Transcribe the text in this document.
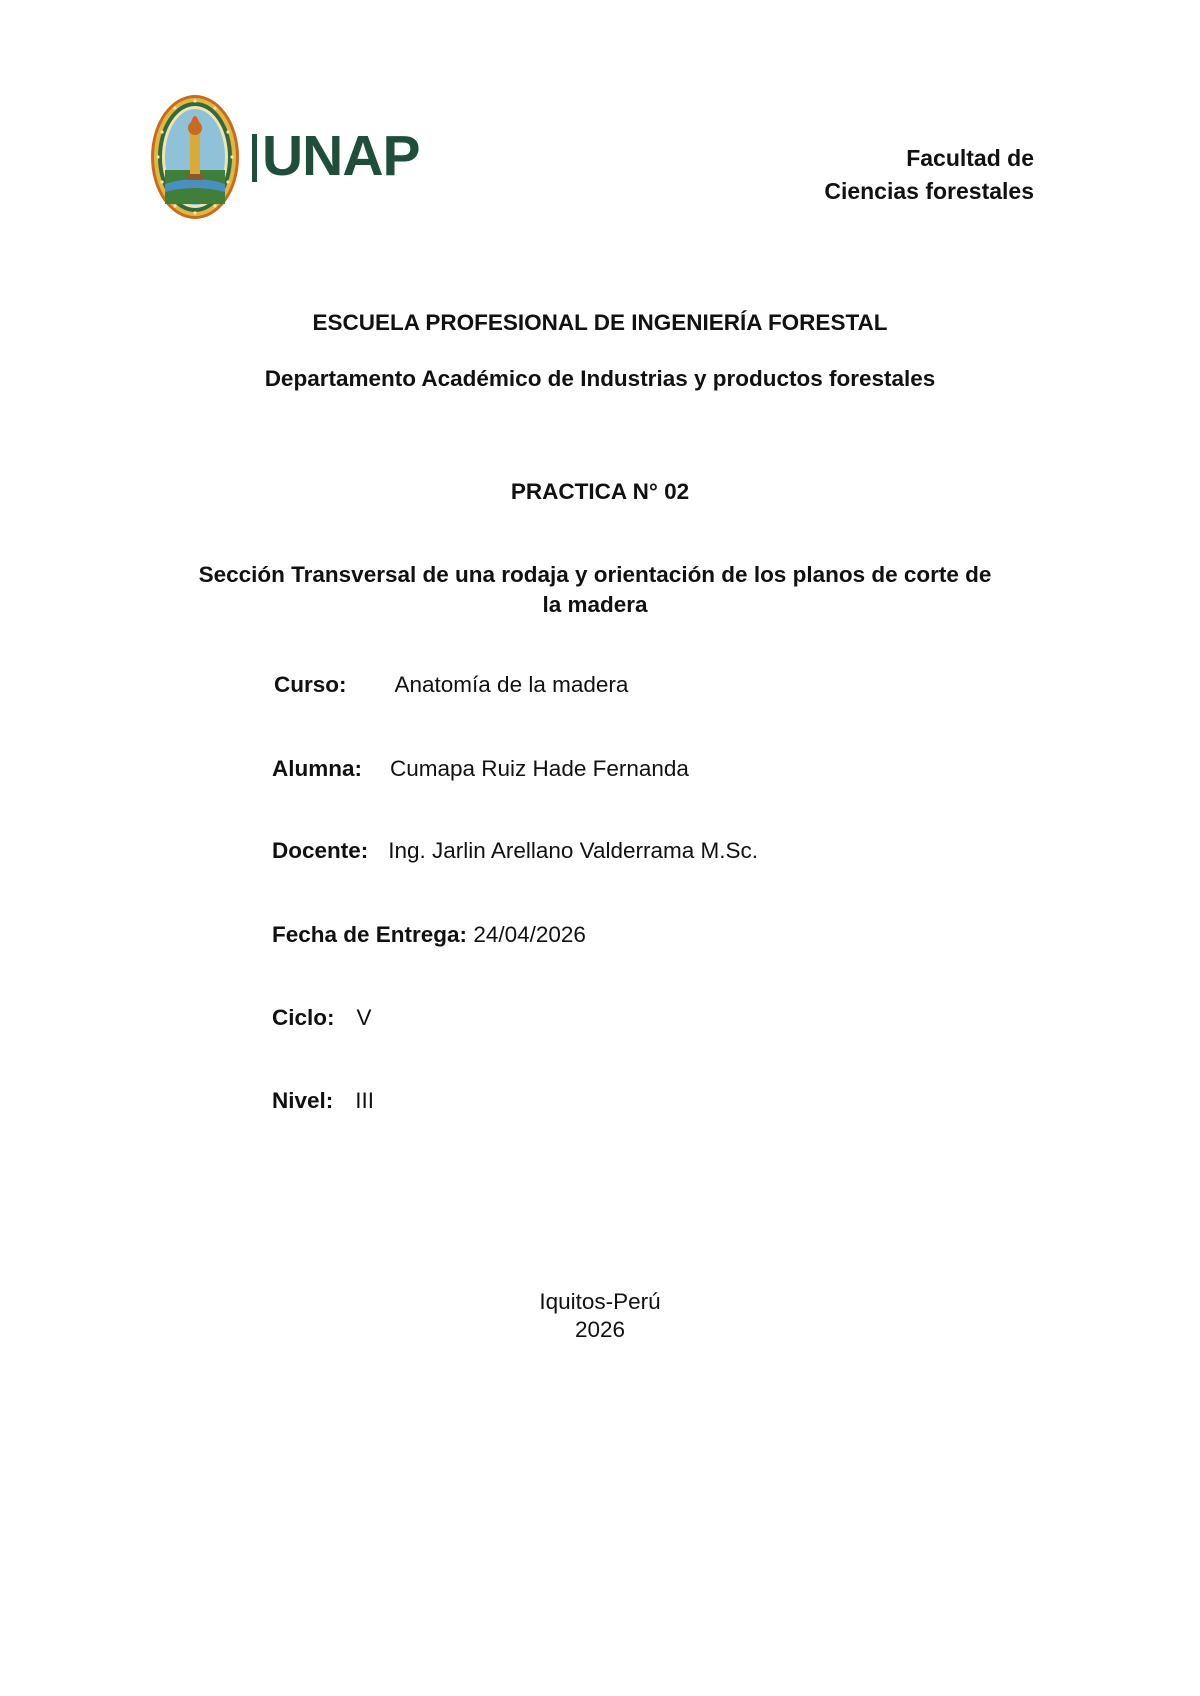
UNAP	Facultad de
Ciencias forestales
ESCUELA PROFESIONAL DE INGENIERÍA FORESTAL
Departamento Académico de Industrias y productos forestales
PRACTICA N° 02
Sección Transversal de una rodaja y orientación de los planos de corte de
la madera
Curso: Anatomía de la madera
Alumna: Cumapa Ruiz Hade Fernanda
Docente: Ing. Jarlin Arellano Valderrama M.Sc.
Fecha de Entrega: 24/04/2026
Ciclo: V
Nivel: III
Iquitos-Perú
2026
